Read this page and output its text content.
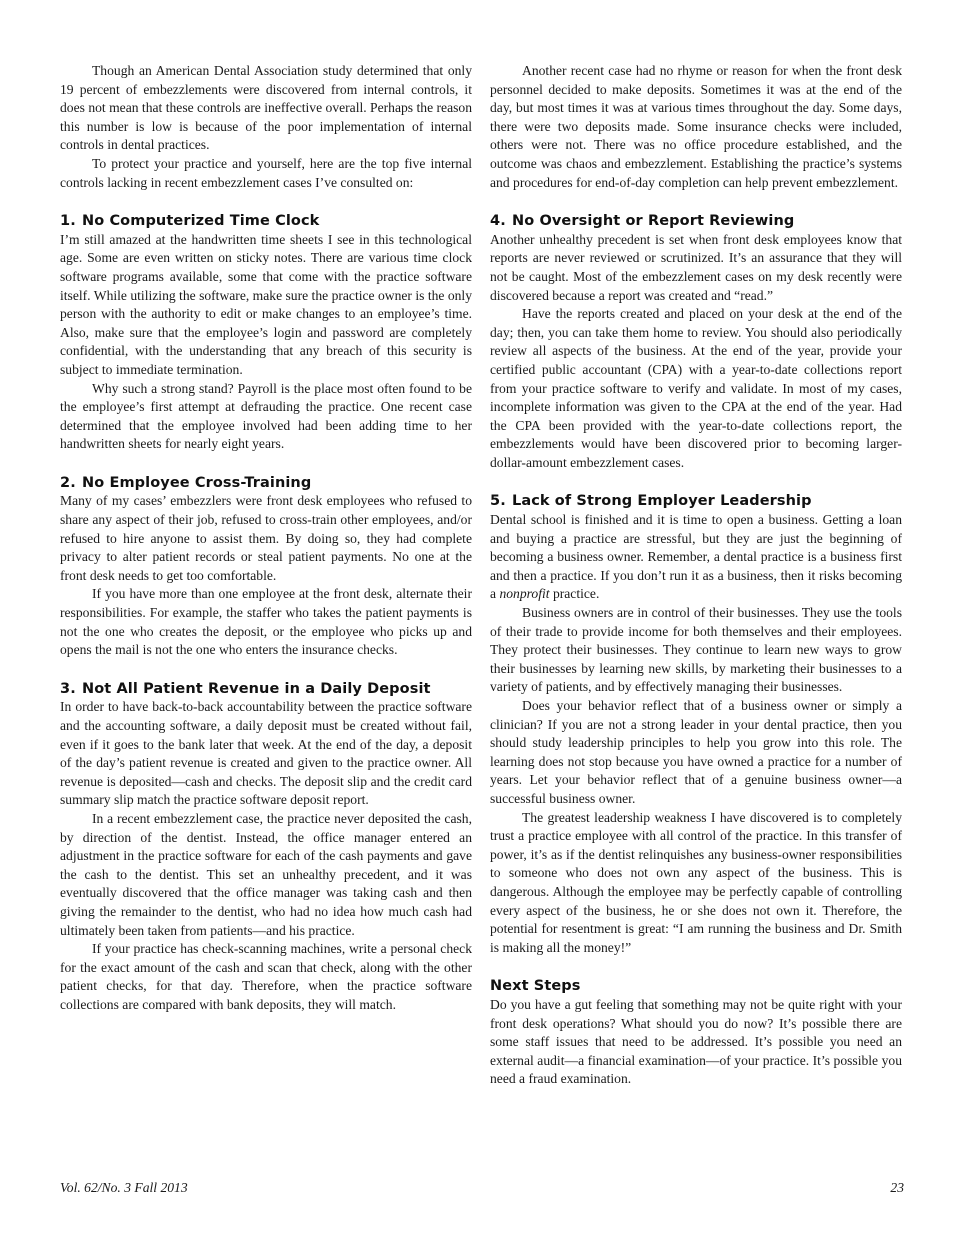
Though an American Dental Association study determined that only 19 percent of embezzlements were discovered from internal controls, it does not mean that these controls are ineffective overall. Perhaps the reason this number is low is because of the poor implementation of internal controls in dental practices.

To protect your practice and yourself, here are the top five internal controls lacking in recent embezzlement cases I’ve consulted on:

1. No Computerized Time Clock

I’m still amazed at the handwritten time sheets I see in this technological age. Some are even written on sticky notes. There are various time clock software programs available, some that come with the practice software itself. While utilizing the software, make sure the practice owner is the only person with the authority to edit or make changes to an employee’s time. Also, make sure that the employee’s login and password are completely confidential, with the understanding that any breach of this security is subject to immediate termination.

Why such a strong stand? Payroll is the place most often found to be the employee’s first attempt at defrauding the practice. One recent case determined that the employee involved had been adding time to her handwritten sheets for nearly eight years.

2. No Employee Cross-Training

Many of my cases’ embezzlers were front desk employees who refused to share any aspect of their job, refused to cross-train other employees, and/or refused to hire anyone to assist them. By doing so, they had complete privacy to alter patient records or steal patient payments. No one at the front desk needs to get too comfortable.

If you have more than one employee at the front desk, alternate their responsibilities. For example, the staffer who takes the patient payments is not the one who creates the deposit, or the employee who picks up and opens the mail is not the one who enters the insurance checks.

3. Not All Patient Revenue in a Daily Deposit

In order to have back-to-back accountability between the practice software and the accounting software, a daily deposit must be created without fail, even if it goes to the bank later that week. At the end of the day, a deposit of the day’s patient revenue is created and given to the practice owner. All revenue is deposited—cash and checks. The deposit slip and the credit card summary slip match the practice software deposit report.

In a recent embezzlement case, the practice never deposited the cash, by direction of the dentist. Instead, the office manager entered an adjustment in the practice software for each of the cash payments and gave the cash to the dentist. This set an unhealthy precedent, and it was eventually discovered that the office manager was taking cash and then giving the remainder to the dentist, who had no idea how much cash had ultimately been taken from patients—and his practice.

If your practice has check-scanning machines, write a personal check for the exact amount of the cash and scan that check, along with the other patient checks, for that day. Therefore, when the practice software collections are compared with bank deposits, they will match.

Another recent case had no rhyme or reason for when the front desk personnel decided to make deposits. Sometimes it was at the end of the day, but most times it was at various times throughout the day. Some days, there were two deposits made. Some insurance checks were included, others were not. There was no office procedure established, and the outcome was chaos and embezzlement. Establishing the practice’s systems and procedures for end-of-day completion can help prevent embezzlement.

4. No Oversight or Report Reviewing

Another unhealthy precedent is set when front desk employees know that reports are never reviewed or scrutinized. It’s an assurance that they will not be caught. Most of the embezzlement cases on my desk recently were discovered because a report was created and “read.”

Have the reports created and placed on your desk at the end of the day; then, you can take them home to review. You should also periodically review all aspects of the business. At the end of the year, provide your certified public accountant (CPA) with a year-to-date collections report from your practice software to verify and validate. In most of my cases, incomplete information was given to the CPA at the end of the year. Had the CPA been provided with the year-to-date collections report, the embezzlements would have been discovered prior to becoming larger-dollar-amount embezzlement cases.

5. Lack of Strong Employer Leadership

Dental school is finished and it is time to open a business. Getting a loan and buying a practice are stressful, but they are just the beginning of becoming a business owner. Remember, a dental practice is a business first and then a practice. If you don’t run it as a business, then it risks becoming a nonprofit practice.

Business owners are in control of their businesses. They use the tools of their trade to provide income for both themselves and their employees. They protect their businesses. They continue to learn new ways to grow their businesses by learning new skills, by marketing their businesses to a variety of patients, and by effectively managing their businesses.

Does your behavior reflect that of a business owner or simply a clinician? If you are not a strong leader in your dental practice, then you should study leadership principles to help you grow into this role. The learning does not stop because you have owned a practice for a number of years. Let your behavior reflect that of a genuine business owner—a successful business owner.

The greatest leadership weakness I have discovered is to completely trust a practice employee with all control of the practice. In this transfer of power, it’s as if the dentist relinquishes any business-owner responsibilities to someone who does not own any aspect of the business. This is dangerous. Although the employee may be perfectly capable of controlling every aspect of the business, he or she does not own it. Therefore, the potential for resentment is great: “I am running the business and Dr. Smith is making all the money!”

Next Steps

Do you have a gut feeling that something may not be quite right with your front desk operations? What should you do now? It’s possible there are some staff issues that need to be addressed. It’s possible you need an external audit—a financial examination—of your practice. It’s possible you need a fraud examination.

Vol. 62/No. 3 Fall 2013	23
